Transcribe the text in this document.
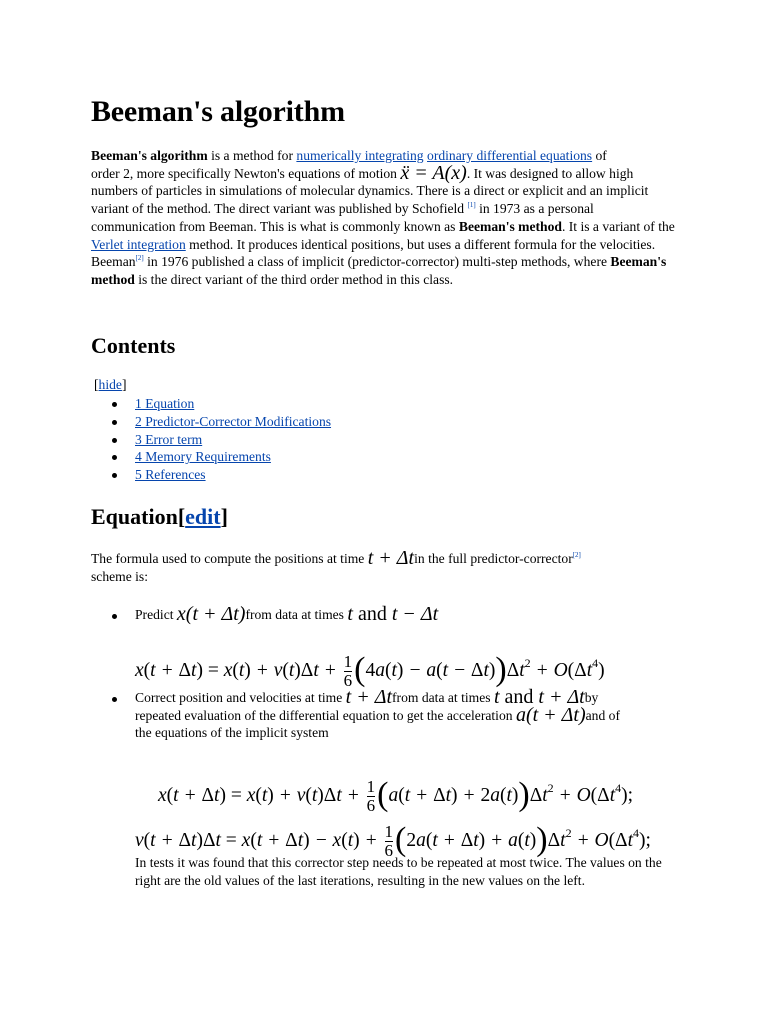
Beeman's algorithm
Beeman's algorithm is a method for numerically integrating ordinary differential equations of
order 2, more specifically Newton's equations of motion ẍ = A(x). It was designed to allow high numbers of particles in simulations of molecular dynamics. There is a direct or explicit and an implicit variant of the method. The direct variant was published by Schofield [1] in 1973 as a personal communication from Beeman. This is what is commonly known as Beeman's method. It is a variant of the Verlet integration method. It produces identical positions, but uses a different formula for the velocities. Beeman[2] in 1976 published a class of implicit (predictor-corrector) multi-step methods, where Beeman's method is the direct variant of the third order method in this class.
Contents
[hide]
1 Equation
2 Predictor-Corrector Modifications
3 Error term
4 Memory Requirements
5 References
Equation[edit]
The formula used to compute the positions at time t + Δtin the full predictor-corrector[2]
scheme is:
Predict x(t + Δt)from data at times t and t − Δt
$x(t + \Delta t) = x(t) + v(t)\Delta t + \frac{1}{6} (4a(t) - a(t - \Delta t))\Delta t^2 + O(\Delta t^4)$
Correct position and velocities at time t + Δtfrom data at times t and t + Δtby
repeated evaluation of the differential equation to get the acceleration a(t + Δt)and of
the equations of the implicit system
$x(t + \Delta t) = x(t) + v(t)\Delta t + \frac{1}{6} (a(t + \Delta t) + 2a(t))\Delta t^2 + O(\Delta t^4)$;
$v(t + \Delta t)\Delta t = x(t + \Delta t) - x(t) + \frac{1}{6} (2a(t + \Delta t) + a(t))\Delta t^2 + O(\Delta t^4)$;
In tests it was found that this corrector step needs to be repeated at most twice. The values on the right are the old values of the last iterations, resulting in the new values on the left.
